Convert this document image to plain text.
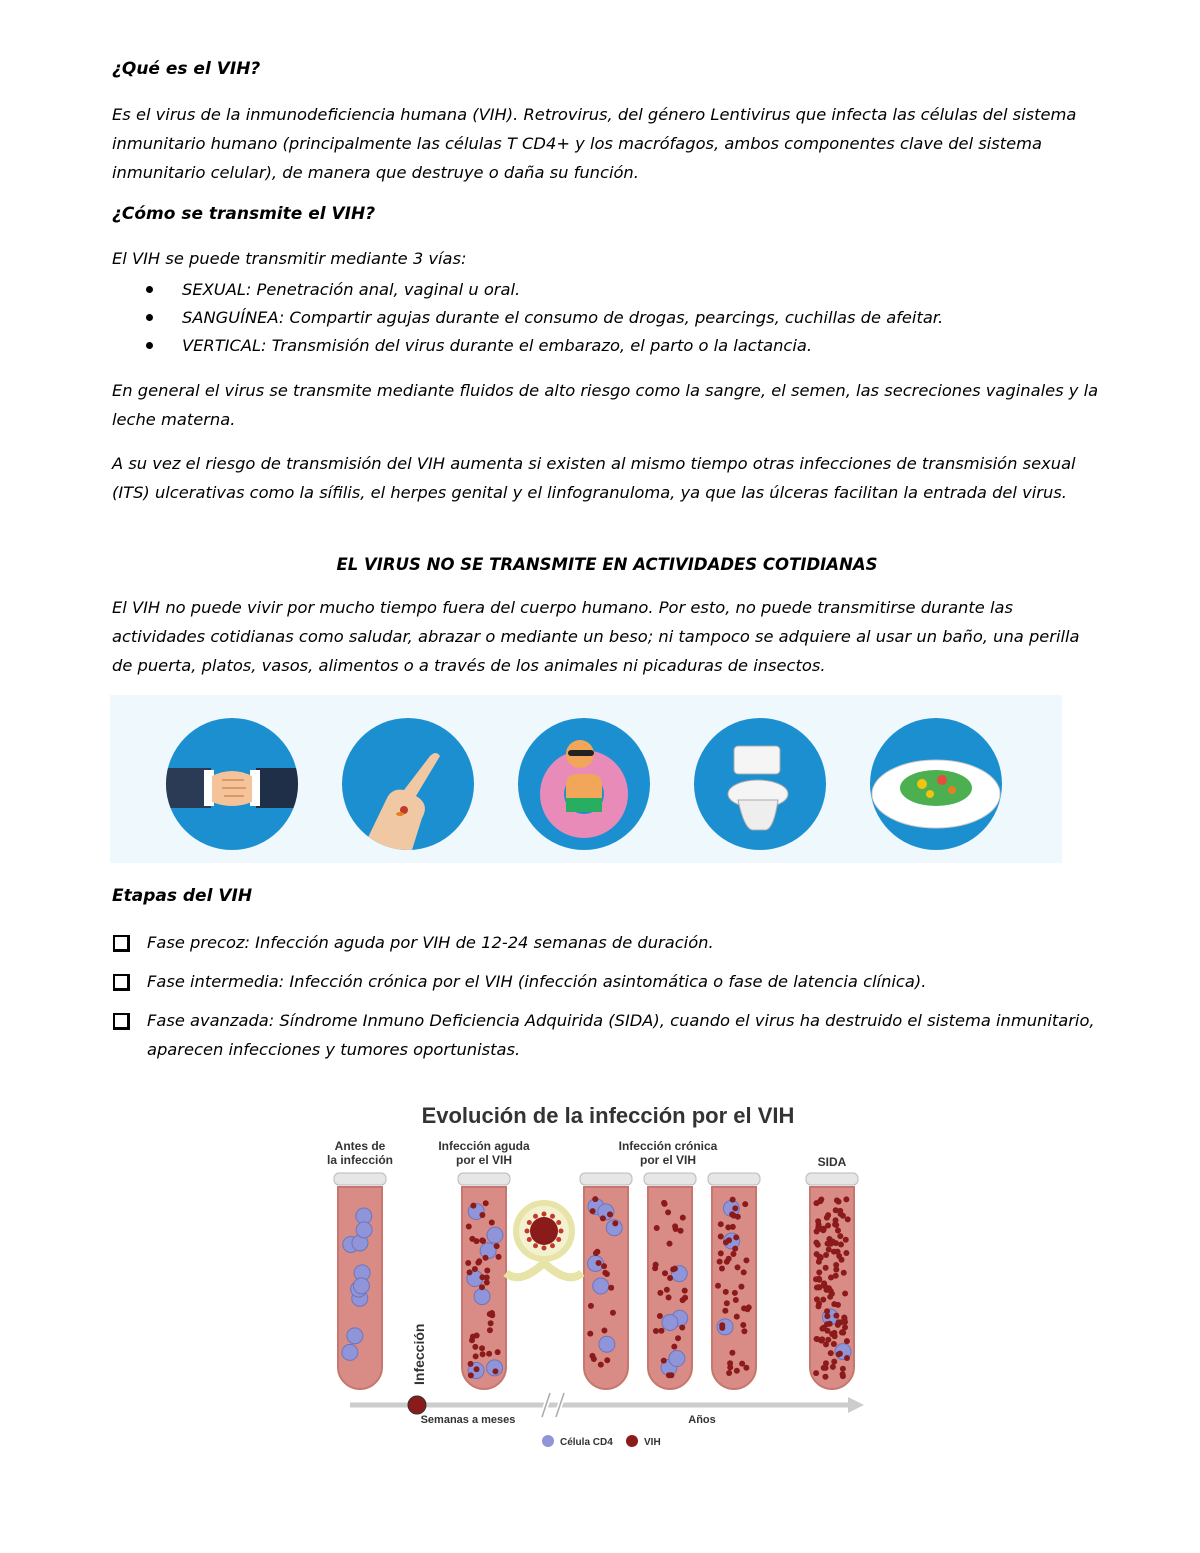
¿Qué es el VIH?

Es el virus de la inmunodeficiencia humana (VIH). Retrovirus, del género Lentivirus que infecta las células del sistema inmunitario humano (principalmente las células T CD4+ y los macrófagos, ambos componentes clave del sistema inmunitario celular), de manera que destruye o daña su función.

¿Cómo se transmite el VIH?

El VIH se puede transmitir mediante 3 vías:

SEXUAL: Penetración anal, vaginal u oral.
SANGUÍNEA: Compartir agujas durante el consumo de drogas, pearcings, cuchillas de afeitar.
VERTICAL: Transmisión del virus durante el embarazo, el parto o la lactancia.

En general el virus se transmite mediante fluidos de alto riesgo como la sangre, el semen, las secreciones vaginales y la leche materna.

A su vez el riesgo de transmisión del VIH aumenta si existen al mismo tiempo otras infecciones de transmisión sexual (ITS) ulcerativas como la sífilis, el herpes genital y el linfogranuloma, ya que las úlceras facilitan la entrada del virus.

EL VIRUS NO SE TRANSMITE EN ACTIVIDADES COTIDIANAS

El VIH no puede vivir por mucho tiempo fuera del cuerpo humano. Por esto, no puede transmitirse durante las actividades cotidianas como saludar, abrazar o mediante un beso; ni tampoco se adquiere al usar un baño, una perilla de puerta, platos, vasos, alimentos o a través de los animales ni picaduras de insectos.

Etapas del VIH

Fase precoz: Infección aguda por VIH de 12-24 semanas de duración.
Fase intermedia: Infección crónica por el VIH (infección asintomática o fase de latencia clínica).
Fase avanzada: Síndrome Inmuno Deficiencia Adquirida (SIDA), cuando el virus ha destruido el sistema inmunitario, aparecen infecciones y tumores oportunistas.
Evolución de la infección por el VIH
Antes de
la infección
Infección aguda
por el VIH
Infección crónica
por el VIH	SIDA
Infección
Semanas a meses	Años
Célula CD4	VIH
